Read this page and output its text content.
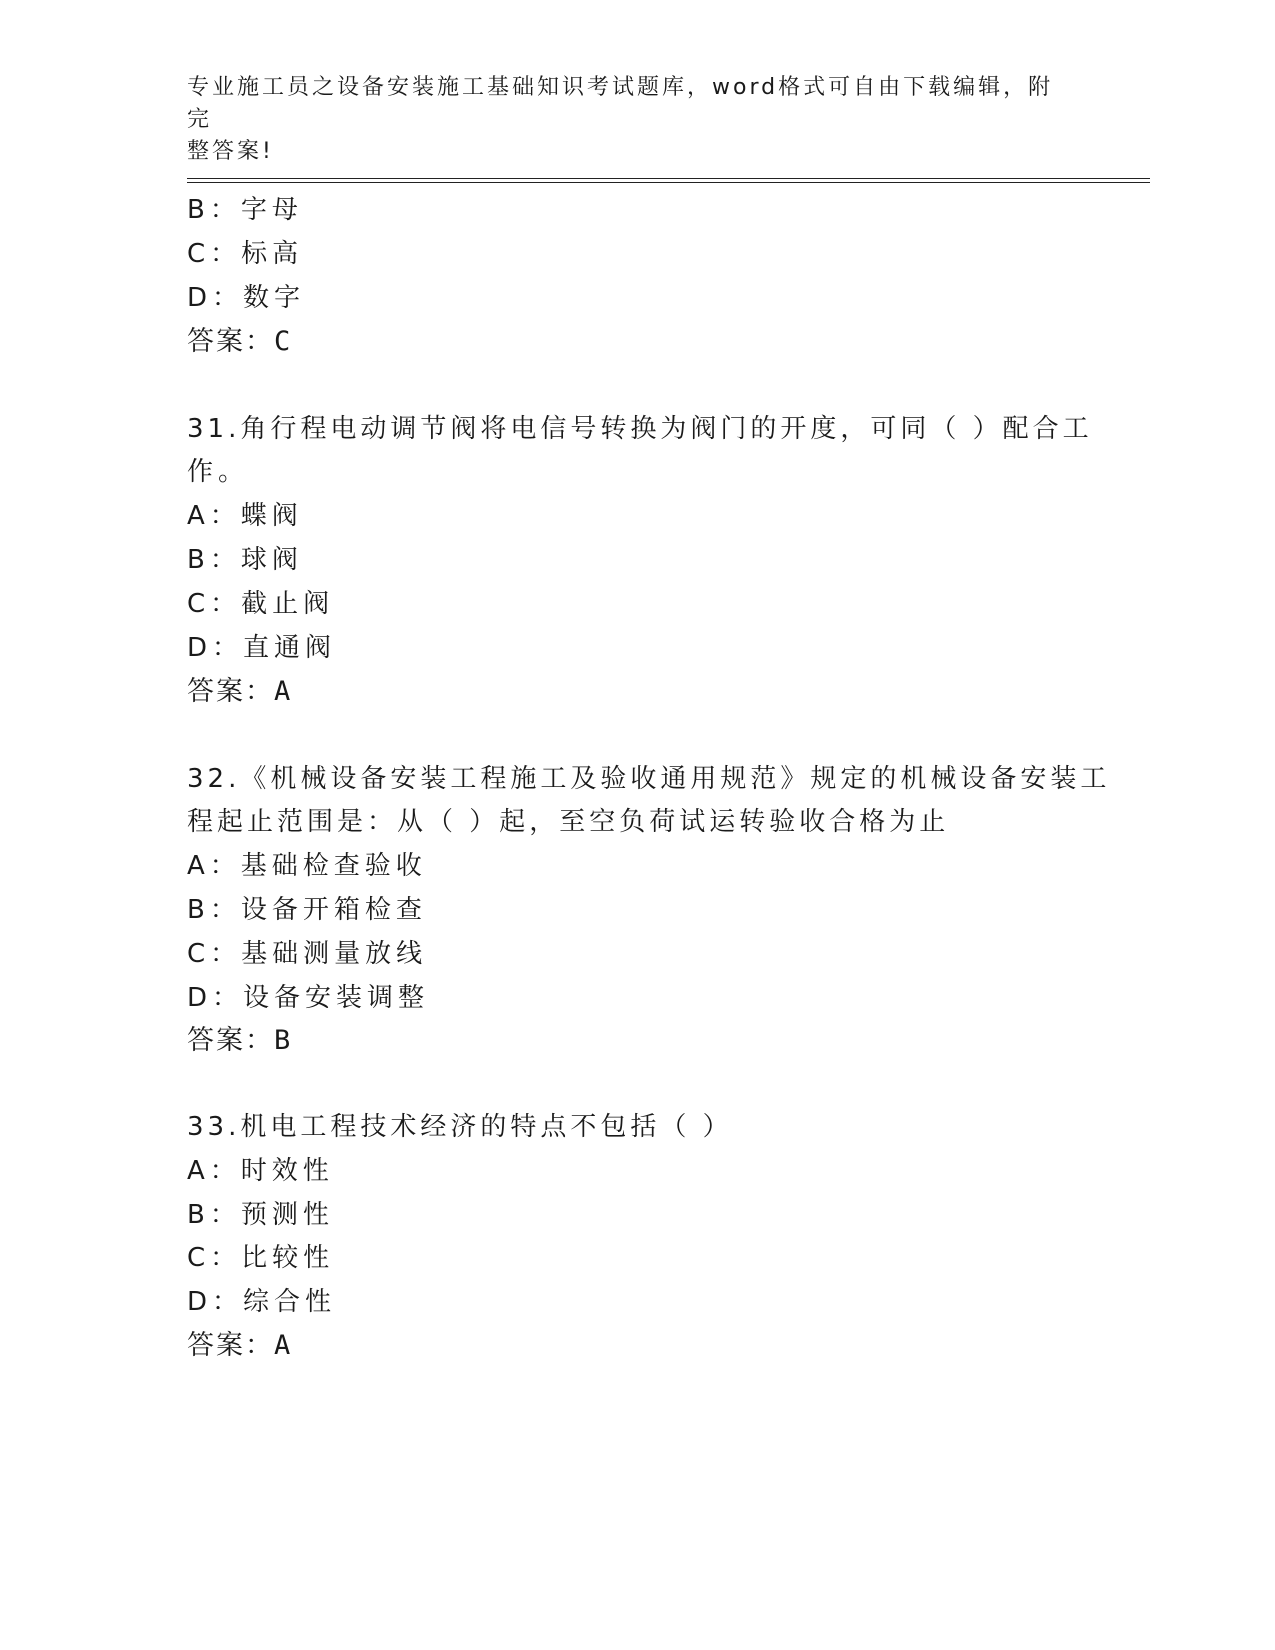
专业施工员之设备安装施工基础知识考试题库，word格式可自由下载编辑，附完
整答案!
B：字母
C：标高
D：数字
答案：C
31.角行程电动调节阀将电信号转换为阀门的开度，可同（ ）配合工
作。
A：蝶阀
B：球阀
C：截止阀
D：直通阀
答案：A
32.《机械设备安装工程施工及验收通用规范》规定的机械设备安装工
程起止范围是：从（ ）起，至空负荷试运转验收合格为止
A：基础检查验收
B：设备开箱检查
C：基础测量放线
D：设备安装调整
答案：B
33.机电工程技术经济的特点不包括（ ）
A：时效性
B：预测性
C：比较性
D：综合性
答案：A
